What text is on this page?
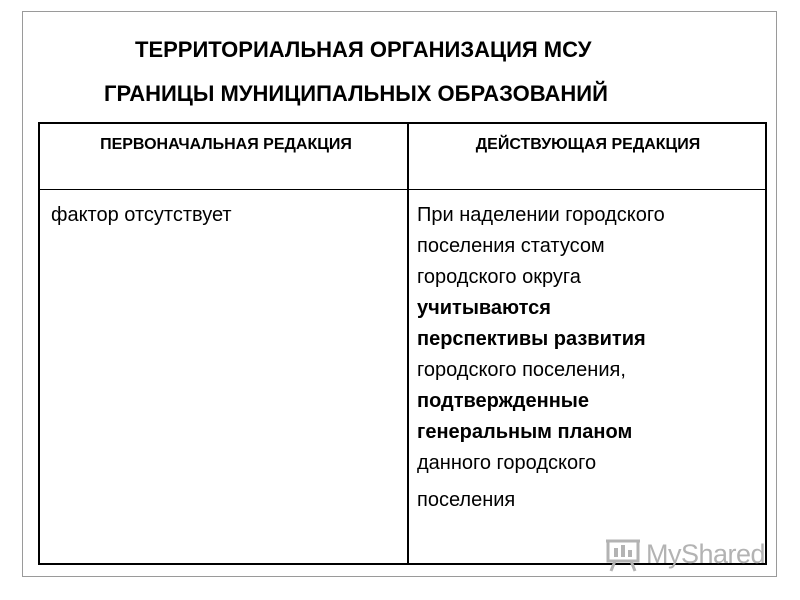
ТЕРРИТОРИАЛЬНАЯ ОРГАНИЗАЦИЯ МСУ
ГРАНИЦЫ МУНИЦИПАЛЬНЫХ ОБРАЗОВАНИЙ
ПЕРВОНАЧАЛЬНАЯ РЕДАКЦИЯ	ДЕЙСТВУЮЩАЯ РЕДАКЦИЯ
фактор отсутствует	При наделении городского
поселения статусом
городского округа
учитываются
перспективы развития
городского поселения,
подтвержденные
генеральным планом
данного городского
поселения
MyShared
